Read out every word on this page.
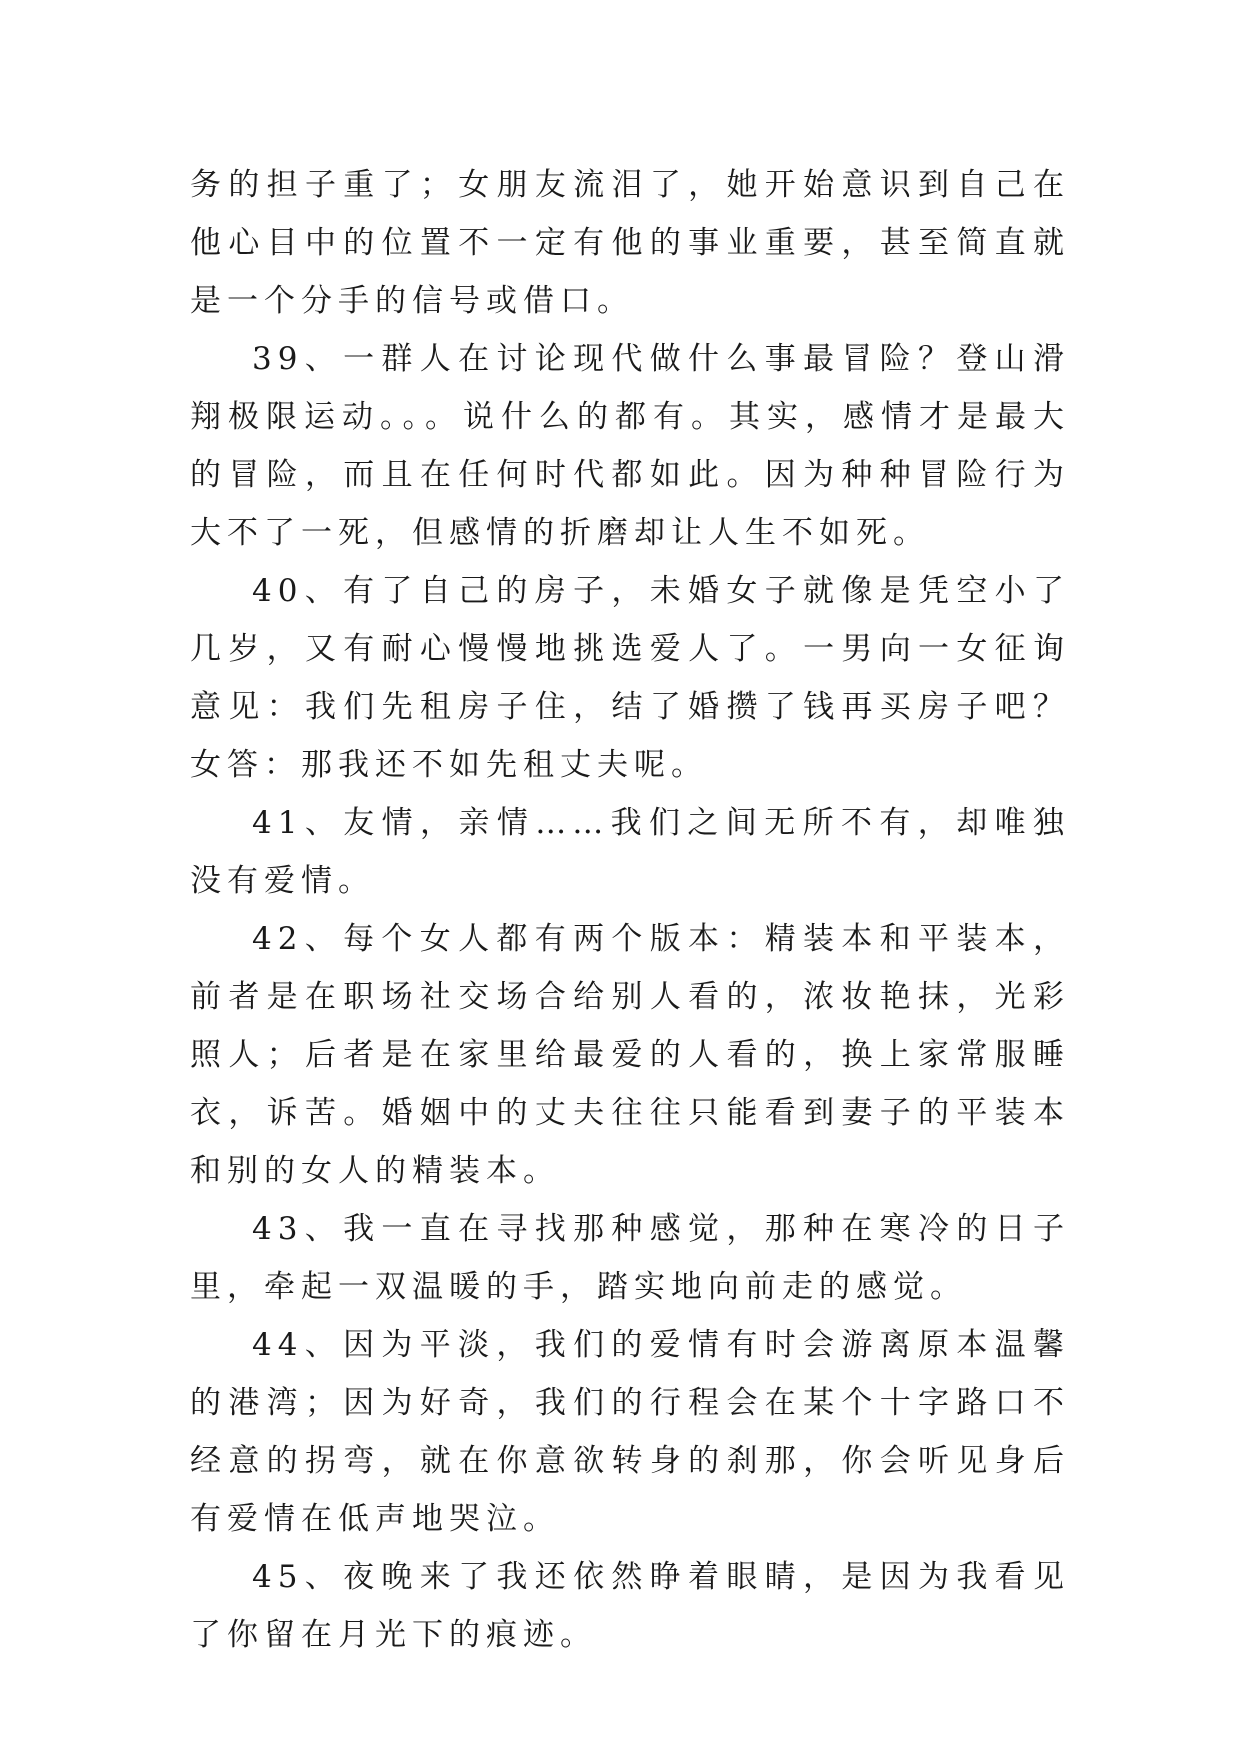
务的担子重了；女朋友流泪了，她开始意识到自己在他心目中的位置不一定有他的事业重要，甚至简直就是一个分手的信号或借口。

39、一群人在讨论现代做什么事最冒险？登山滑翔极限运动。。。说什么的都有。其实，感情才是最大的冒险，而且在任何时代都如此。因为种种冒险行为大不了一死，但感情的折磨却让人生不如死。

40、有了自己的房子，未婚女子就像是凭空小了几岁，又有耐心慢慢地挑选爱人了。一男向一女征询意见：我们先租房子住，结了婚攒了钱再买房子吧？女答：那我还不如先租丈夫呢。

41、友情，亲情……我们之间无所不有，却唯独没有爱情。

42、每个女人都有两个版本：精装本和平装本，前者是在职场社交场合给别人看的，浓妆艳抹，光彩照人；后者是在家里给最爱的人看的，换上家常服睡衣，诉苦。婚姻中的丈夫往往只能看到妻子的平装本和别的女人的精装本。

43、我一直在寻找那种感觉，那种在寒冷的日子里，牵起一双温暖的手，踏实地向前走的感觉。

44、因为平淡，我们的爱情有时会游离原本温馨的港湾；因为好奇，我们的行程会在某个十字路口不经意的拐弯，就在你意欲转身的刹那，你会听见身后有爱情在低声地哭泣。

45、夜晚来了我还依然睁着眼睛，是因为我看见了你留在月光下的痕迹。
